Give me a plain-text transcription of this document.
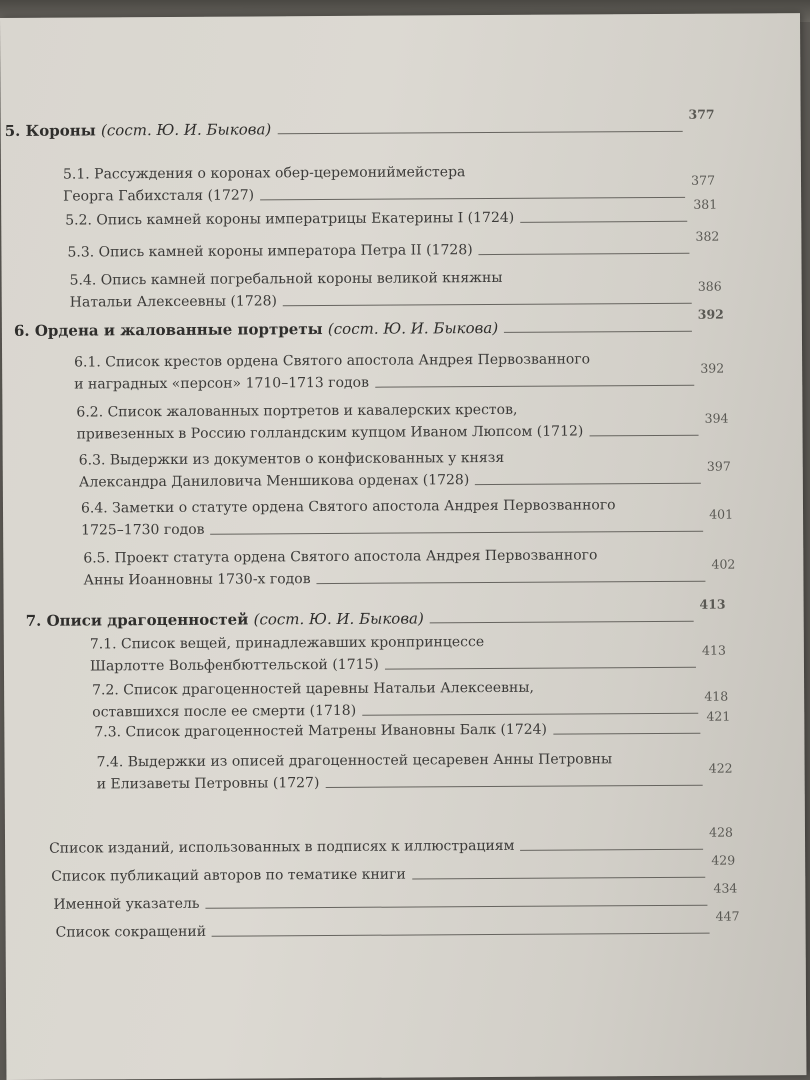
5. Короны (сост. Ю. И. Быкова)
377
5.1. Рассуждения о коронах обер-церемониймейстера
Георга Габихсталя (1727)
377
5.2. Опись камней короны императрицы Екатерины I (1724)
381
5.3. Опись камней короны императора Петра II (1728)
382
5.4. Опись камней погребальной короны великой княжны
Натальи Алексеевны (1728)
386
6. Ордена и жалованные портреты (сост. Ю. И. Быкова)
392
6.1. Список крестов ордена Святого апостола Андрея Первозванного
и наградных «персон» 1710–1713 годов
392
6.2. Список жалованных портретов и кавалерских крестов,
привезенных в Россию голландским купцом Иваном Люпсом (1712)
394
6.3. Выдержки из документов о конфискованных у князя
Александра Даниловича Меншикова орденах (1728)
397
6.4. Заметки о статуте ордена Святого апостола Андрея Первозванного
1725–1730 годов
401
6.5. Проект статута ордена Святого апостола Андрея Первозванного
Анны Иоанновны 1730-х годов
402
7. Описи драгоценностей (сост. Ю. И. Быкова)
413
7.1. Список вещей, принадлежавших кронпринцессе
Шарлотте Вольфенбюттельской (1715)
413
7.2. Список драгоценностей царевны Натальи Алексеевны,
оставшихся после ее смерти (1718)
418
7.3. Список драгоценностей Матрены Ивановны Балк (1724)
421
7.4. Выдержки из описей драгоценностей цесаревен Анны Петровны
и Елизаветы Петровны (1727)
422
Список изданий, использованных в подписях к иллюстрациям
428
Список публикаций авторов по тематике книги
429
Именной указатель
434
Список сокращений
447
